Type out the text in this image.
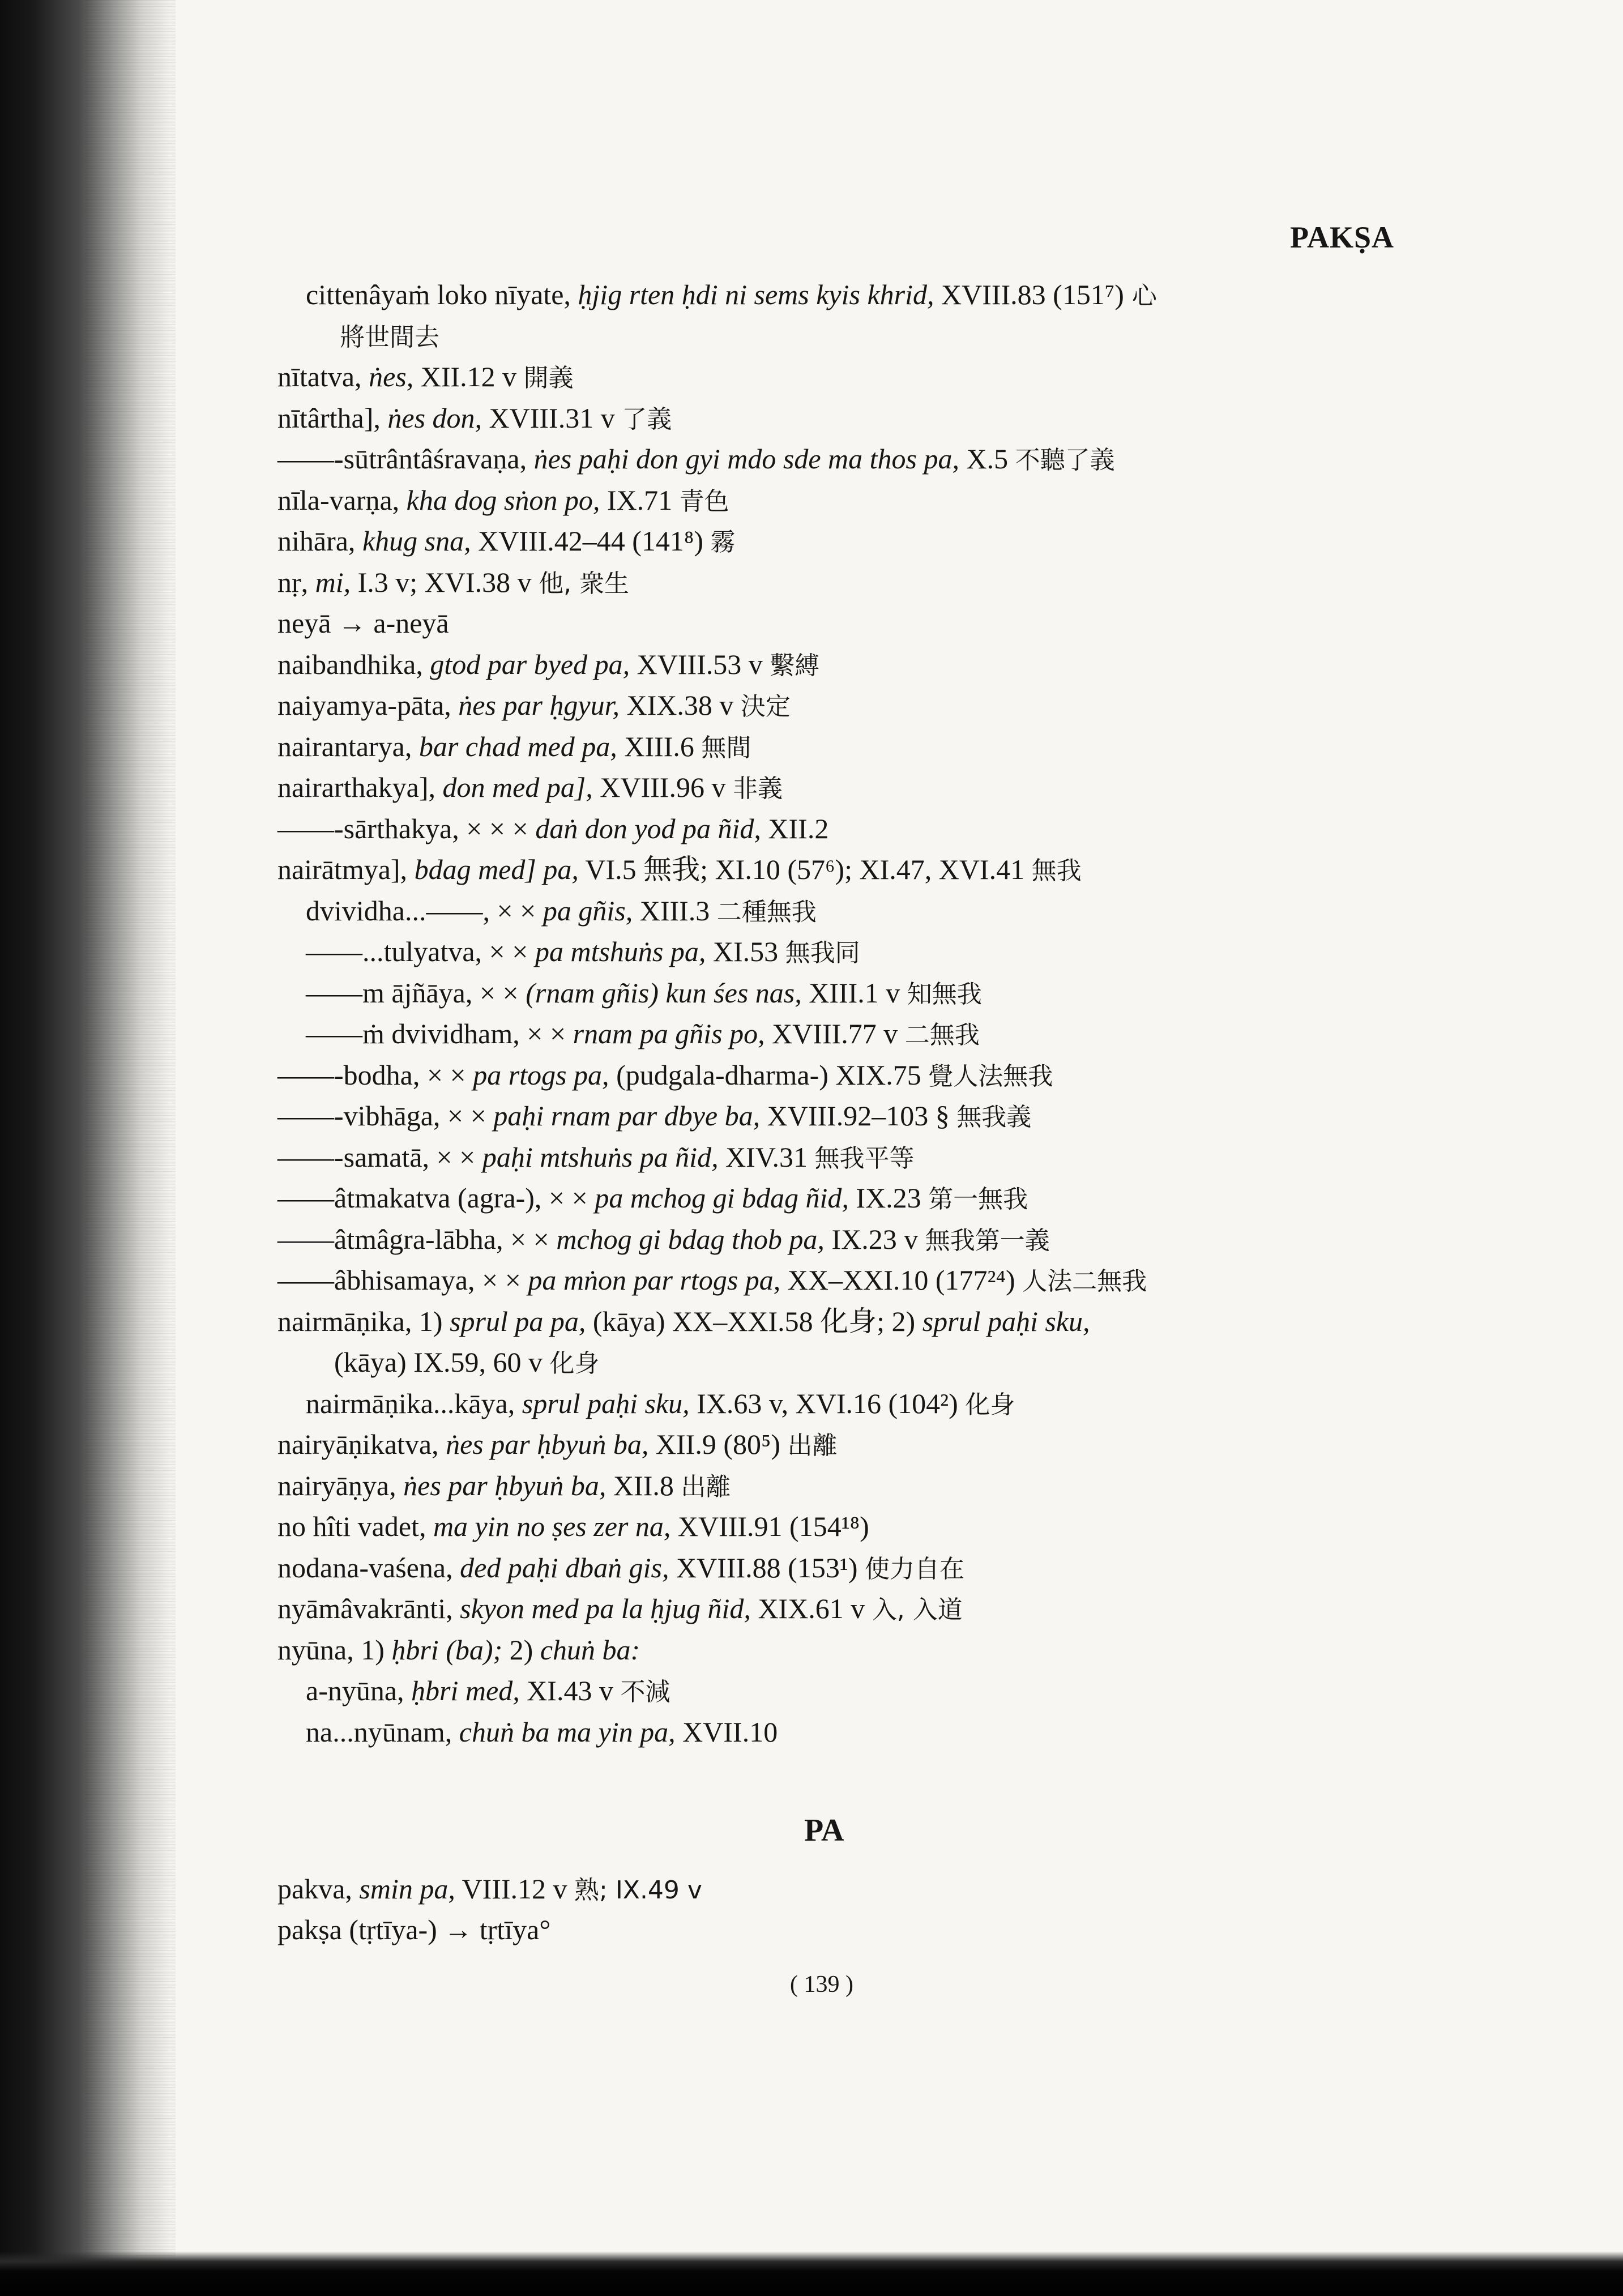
PAKṢA
cittenâyaṁ loko nīyate, ḥjig rten ḥdi ni sems kyis khrid, XVIII.83 (151⁷) 心
將世間去
nītatva, ṅes, XII.12 v 開義
nītârtha], ṅes don, XVIII.31 v 了義
——-sūtrântâśravaṇa, ṅes paḥi don gyi mdo sde ma thos pa, X.5 不聽了義
nīla-varṇa, kha dog sṅon po, IX.71 青色
nihāra, khug sna, XVIII.42–44 (141⁸) 霧
nṛ, mi, I.3 v; XVI.38 v 他, 衆生
neyā → a-neyā
naibandhika, gtod par byed pa, XVIII.53 v 繫縛
naiyamya-pāta, ṅes par ḥgyur, XIX.38 v 決定
nairantarya, bar chad med pa, XIII.6 無間
nairarthakya], don med pa], XVIII.96 v 非義
——-sārthakya, × × × daṅ don yod pa ñid, XII.2
nairātmya], bdag med] pa, VI.5 無我; XI.10 (57⁶); XI.47, XVI.41 無我
dvividha...——, × × pa gñis, XIII.3 二種無我
——...tulyatva, × × pa mtshuṅs pa, XI.53 無我同
——m ājñāya, × × (rnam gñis) kun śes nas, XIII.1 v 知無我
——ṁ dvividham, × × rnam pa gñis po, XVIII.77 v 二無我
——-bodha, × × pa rtogs pa, (pudgala-dharma-) XIX.75 覺人法無我
——-vibhāga, × × paḥi rnam par dbye ba, XVIII.92–103 § 無我義
——-samatā, × × paḥi mtshuṅs pa ñid, XIV.31 無我平等
——âtmakatva (agra-), × × pa mchog gi bdag ñid, IX.23 第一無我
——âtmâgra-lābha, × × mchog gi bdag thob pa, IX.23 v 無我第一義
——âbhisamaya, × × pa mṅon par rtogs pa, XX–XXI.10 (177²⁴) 人法二無我
nairmāṇika, 1) sprul pa pa, (kāya) XX–XXI.58 化身; 2) sprul paḥi sku,
(kāya) IX.59, 60 v 化身
nairmāṇika...kāya, sprul paḥi sku, IX.63 v, XVI.16 (104²) 化身
nairyāṇikatva, ṅes par ḥbyuṅ ba, XII.9 (80⁵) 出離
nairyāṇya, ṅes par ḥbyuṅ ba, XII.8 出離
no hîti vadet, ma yin no ṣes zer na, XVIII.91 (154¹⁸)
nodana-vaśena, ded paḥi dbaṅ gis, XVIII.88 (153¹) 使力自在
nyāmâvakrānti, skyon med pa la ḥjug ñid, XIX.61 v 入, 入道
nyūna, 1) ḥbri (ba); 2) chuṅ ba:
a-nyūna, ḥbri med, XI.43 v 不減
na...nyūnam, chuṅ ba ma yin pa, XVII.10
PA
pakva, smin pa, VIII.12 v 熟; IX.49 v
pakṣa (tṛtīya-) → tṛtīya°
( 139 )
